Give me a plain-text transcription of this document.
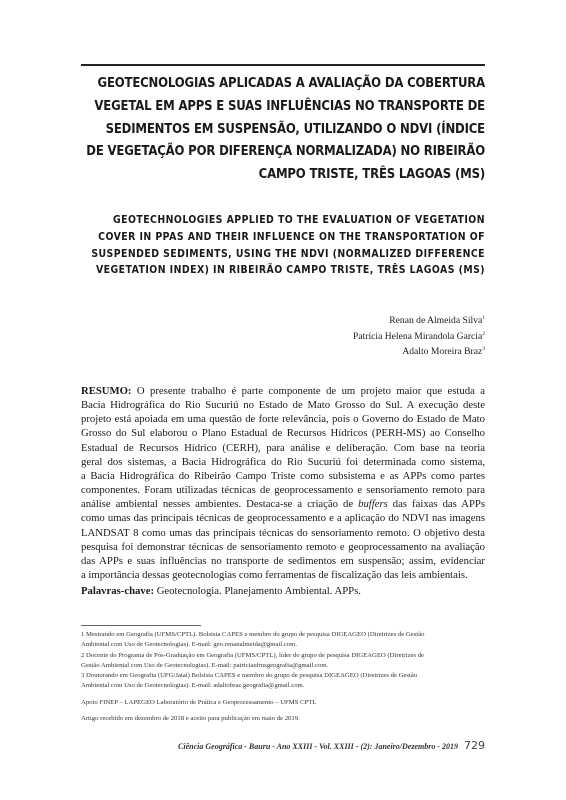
GEOTECNOLOGIAS APLICADAS A AVALIAÇÃO DA COBERTURA
VEGETAL EM APPS E SUAS INFLUÊNCIAS NO TRANSPORTE DE
SEDIMENTOS EM SUSPENSÃO, UTILIZANDO O NDVI (ÍNDICE
DE VEGETAÇÃO POR DIFERENÇA NORMALIZADA) NO RIBEIRÃO
CAMPO TRISTE, TRÊS LAGOAS (MS)
GEOTECHNOLOGIES APPLIED TO THE EVALUATION OF VEGETATION
COVER IN PPAS AND THEIR INFLUENCE ON THE TRANSPORTATION OF
SUSPENDED SEDIMENTS, USING THE NDVI (NORMALIZED DIFFERENCE
VEGETATION INDEX) IN RIBEIRÃO CAMPO TRISTE, TRÊS LAGOAS (MS)
Renan de Almeida Silva$^1$
Patrícia Helena Mirandola Garcia$^2$
Adalto Moreira Braz$^3$
RESUMO: O presente trabalho é parte componente de um projeto maior que estuda a
Bacia Hidrográfica do Rio Sucuriú no Estado de Mato Grosso do Sul. A execução deste
projeto está apoiada em uma questão de forte relevância, pois o Governo do Estado de Mato
Grosso do Sul elaborou o Plano Estadual de Recursos Hídricos (PERH-MS) ao Conselho
Estadual de Recursos Hídrico (CERH), para análise e deliberação. Com base na teoria
geral dos sistemas, a Bacia Hidrográfica do Rio Sucuriú foi determinada como sistema,
a Bacia Hidrográfica do Ribeirão Campo Triste como subsistema e as APPs como partes
componentes. Foram utilizadas técnicas de geoprocessamento e sensoriamento remoto para
análise ambiental nesses ambientes. Destaca-se a criação de buffers das faixas das APPs
como umas das principais técnicas de geoprocessamento e a aplicação do NDVI nas imagens
LANDSAT 8 como umas das principais técnicas do sensoriamento remoto. O objetivo desta
pesquisa foi demonstrar técnicas de sensoriamento remoto e geoprocessamento na avaliação
das APPs e suas influências no transporte de sedimentos em suspensão; assim, evidenciar
a importância dessas geotecnologias como ferramentas de fiscalização das leis ambientais.
Palavras-chave: Geotecnologia. Planejamento Ambiental. APPs.
1 Mestrando em Geografia (UFMS/CPTL). Bolsista CAPES e membro do grupo de pesquisa DIGEAGEO (Diretrizes de Gestão
Ambiental com Uso de Geotecnologias). E-mail: geo.renanalmeida@gmail.com.
2 Docente do Programa de Pós-Graduação em Geografia (UFMS/CPTL), líder do grupo de pesquisa DIGEAGEO (Diretrizes de
Gestão Ambiental com Uso de Geotecnologias). E-mail: patriciaufmsgeografia@gmail.com.
3 Doutorando em Geografia (UFG/Jataí) Bolsista CAPES e membro do grupo de pesquisa DIGEAGEO (Diretrizes de Gestão
Ambiental com Uso de Geotecnologias). E-mail: adaltobraz.geografia@gmail.com.
Apoio FINEP – LAPEGEO Laboratório de Prática e Geoprocessamento – UFMS CPTL
Artigo recebido em dezembro de 2018 e aceito para publicação em maio de 2019.
Ciência Geográfica - Bauru - Ano XXIII - Vol. XXIII - (2): Janeiro/Dezembro - 2019 729
